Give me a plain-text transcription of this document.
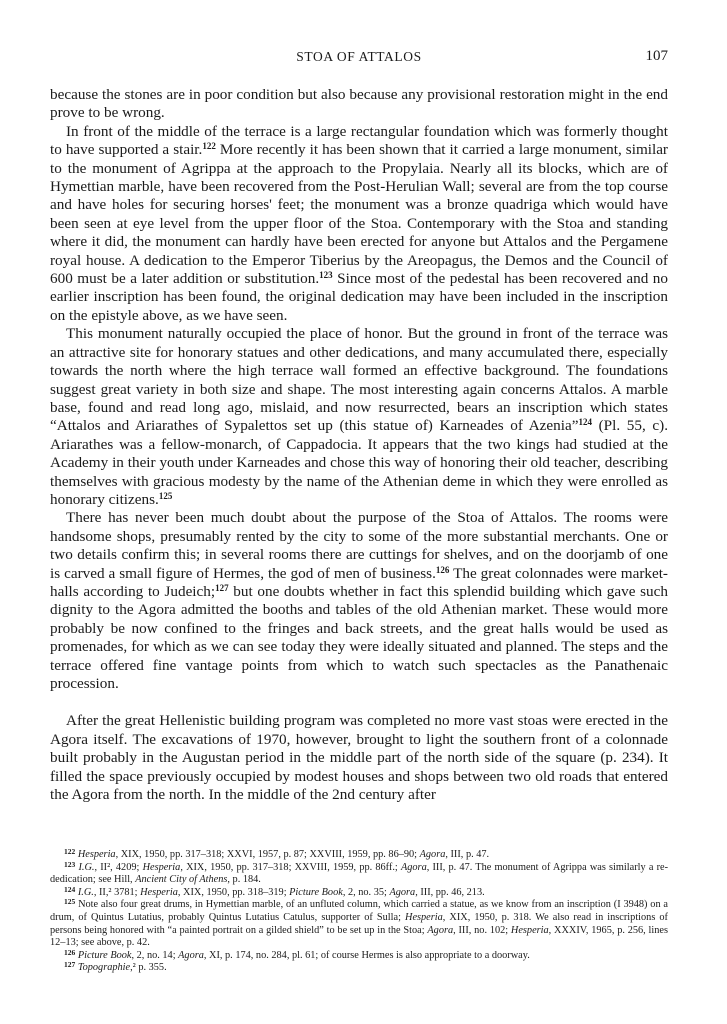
STOA OF ATTALOS	107

because the stones are in poor condition but also because any provisional restoration might in the end prove to be wrong.

In front of the middle of the terrace is a large rectangular foundation which was formerly thought to have supported a stair.$^{122}$ More recently it has been shown that it carried a large monument, similar to the monument of Agrippa at the approach to the Propylaia. Nearly all its blocks, which are of Hymettian marble, have been recovered from the Post-Herulian Wall; several are from the top course and have holes for securing horses' feet; the monument was a bronze quadriga which would have been seen at eye level from the upper floor of the Stoa. Contemporary with the Stoa and standing where it did, the monument can hardly have been erected for anyone but Attalos and the Pergamene royal house. A dedication to the Emperor Tiberius by the Areopagus, the Demos and the Council of 600 must be a later addition or substitution.$^{123}$ Since most of the pedestal has been recovered and no earlier inscription has been found, the original dedication may have been included in the inscription on the epistyle above, as we have seen.

This monument naturally occupied the place of honor. But the ground in front of the terrace was an attractive site for honorary statues and other dedications, and many accumulated there, especially towards the north where the high terrace wall formed an effective background. The foundations suggest great variety in both size and shape. The most interesting again concerns Attalos. A marble base, found and read long ago, mislaid, and now resurrected, bears an inscription which states “Attalos and Ariarathes of Sypalettos set up (this statue of) Karneades of Azenia”$^{124}$ (Pl. 55, c). Ariarathes was a fellow-monarch, of Cappadocia. It appears that the two kings had studied at the Academy in their youth under Karneades and chose this way of honoring their old teacher, describing themselves with gracious modesty by the name of the Athenian deme in which they were enrolled as honorary citizens.$^{125}$

There has never been much doubt about the purpose of the Stoa of Attalos. The rooms were handsome shops, presumably rented by the city to some of the more substantial merchants. One or two details confirm this; in several rooms there are cuttings for shelves, and on the doorjamb of one is carved a small figure of Hermes, the god of men of business.$^{126}$ The great colonnades were market-halls according to Judeich;$^{127}$ but one doubts whether in fact this splendid building which gave such dignity to the Agora admitted the booths and tables of the old Athenian market. These would more probably be now confined to the fringes and back streets, and the great halls would be used as promenades, for which as we can see today they were ideally situated and planned. The steps and the terrace offered fine vantage points from which to watch such spectacles as the Panathenaic procession.

After the great Hellenistic building program was completed no more vast stoas were erected in the Agora itself. The excavations of 1970, however, brought to light the southern front of a colonnade built probably in the Augustan period in the middle part of the north side of the square (p. 234). It filled the space previously occupied by modest houses and shops between two old roads that entered the Agora from the north. In the middle of the 2nd century after

$^{122}$ Hesperia, XIX, 1950, pp. 317–318; XXVI, 1957, p. 87; XXVIII, 1959, pp. 86–90; Agora, III, p. 47.

$^{123}$ I.G., II², 4209; Hesperia, XIX, 1950, pp. 317–318; XXVIII, 1959, pp. 86ff.; Agora, III, p. 47. The monument of Agrippa was similarly a re-dedication; see Hill, Ancient City of Athens, p. 184.

$^{124}$ I.G., II,² 3781; Hesperia, XIX, 1950, pp. 318–319; Picture Book, 2, no. 35; Agora, III, pp. 46, 213.

$^{125}$ Note also four great drums, in Hymettian marble, of an unfluted column, which carried a statue, as we know from an inscription (I 3948) on a drum, of Quintus Lutatius, probably Quintus Lutatius Catulus, supporter of Sulla; Hesperia, XIX, 1950, p. 318. We also read in inscriptions of persons being honored with “a painted portrait on a gilded shield” to be set up in the Stoa; Agora, III, no. 102; Hesperia, XXXIV, 1965, p. 256, lines 12–13; see above, p. 42.

$^{126}$ Picture Book, 2, no. 14; Agora, XI, p. 174, no. 284, pl. 61; of course Hermes is also appropriate to a doorway.

$^{127}$ Topographie,² p. 355.
